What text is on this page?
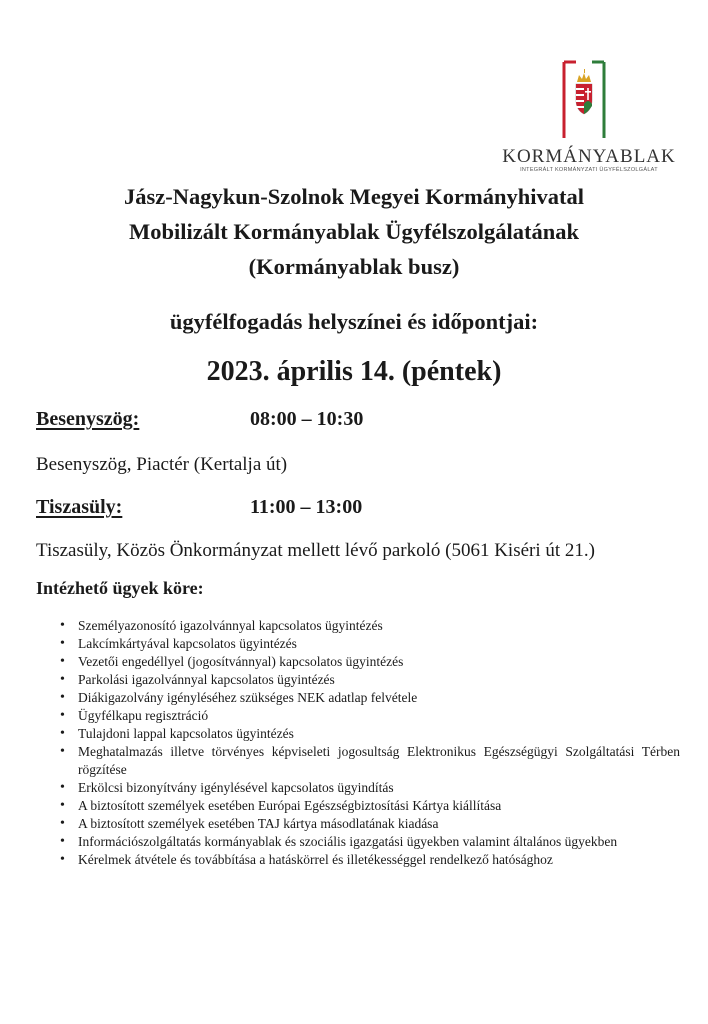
KORMÁNYABLAK
INTEGRÁLT KORMÁNYZATI ÜGYFÉLSZOLGÁLAT
Jász-Nagykun-Szolnok Megyei Kormányhivatal
Mobilizált Kormányablak Ügyfélszolgálatának
(Kormányablak busz)
ügyfélfogadás helyszínei és időpontjai:
2023. április 14. (péntek)
Besenyszög:	08:00 – 10:30
Besenyszög, Piactér (Kertalja út)
Tiszasüly:	11:00 – 13:00
Tiszasüly, Közös Önkormányzat mellett lévő parkoló (5061 Kiséri út 21.)
Intézhető ügyek köre:
• Személyazonosító igazolvánnyal kapcsolatos ügyintézés
• Lakcímkártyával kapcsolatos ügyintézés
• Vezetői engedéllyel (jogosítvánnyal) kapcsolatos ügyintézés
• Parkolási igazolvánnyal kapcsolatos ügyintézés
• Diákigazolvány igényléséhez szükséges NEK adatlap felvétele
• Ügyfélkapu regisztráció
• Tulajdoni lappal kapcsolatos ügyintézés
• Meghatalmazás illetve törvényes képviseleti jogosultság Elektronikus Egészségügyi Szolgáltatási Térben rögzítése
• Erkölcsi bizonyítvány igénylésével kapcsolatos ügyindítás
• A biztosított személyek esetében Európai Egészségbiztosítási Kártya kiállítása
• A biztosított személyek esetében TAJ kártya másodlatának kiadása
• Információszolgáltatás kormányablak és szociális igazgatási ügyekben valamint általános ügyekben
• Kérelmek átvétele és továbbítása a hatáskörrel és illetékességgel rendelkező hatósághoz
